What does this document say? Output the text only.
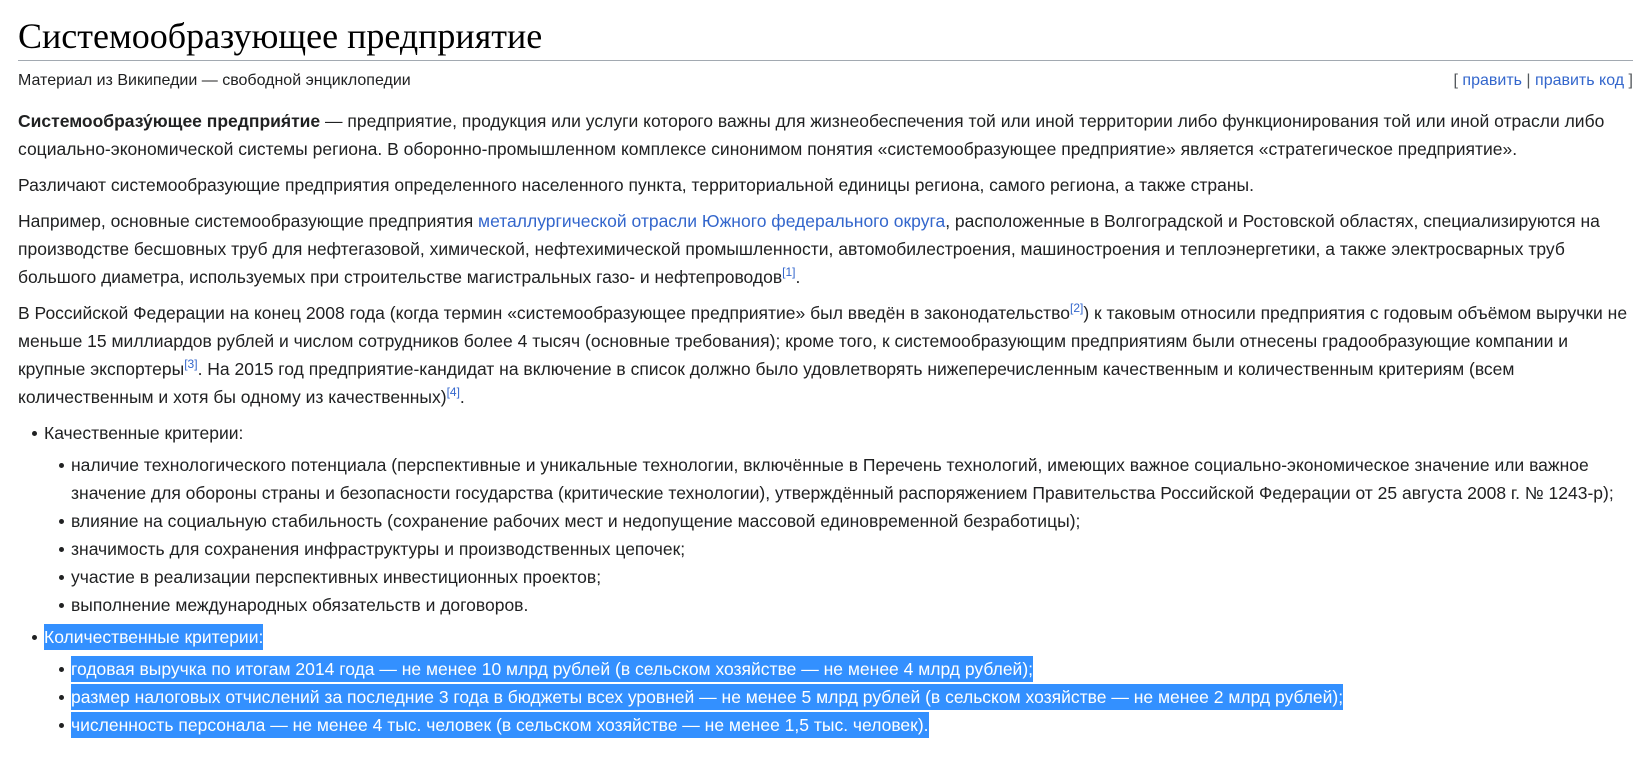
Системообразующее предприятие
Материал из Википедии — свободной энциклопедии	[ править | править код ]

Системообразу́ющее предприя́тие — предприятие, продукция или услуги которого важны для жизнеобеспечения той или иной территории либо функционирования той или иной отрасли либо социально-экономической системы региона. В оборонно-промышленном комплексе синонимом понятия «системообразующее предприятие» является «стратегическое предприятие».

Различают системообразующие предприятия определенного населенного пункта, территориальной единицы региона, самого региона, а также страны.

Например, основные системообразующие предприятия металлургической отрасли Южного федерального округа, расположенные в Волгоградской и Ростовской областях, специализируются на производстве бесшовных труб для нефтегазовой, химической, нефтехимической промышленности, автомобилестроения, машиностроения и теплоэнергетики, а также электросварных труб большого диаметра, используемых при строительстве магистральных газо- и нефтепроводов[1].

В Российской Федерации на конец 2008 года (когда термин «системообразующее предприятие» был введён в законодательство[2]) к таковым относили предприятия с годовым объёмом выручки не меньше 15 миллиардов рублей и числом сотрудников более 4 тысяч (основные требования); кроме того, к системообразующим предприятиям были отнесены градообразующие компании и крупные экспортеры[3]. На 2015 год предприятие-кандидат на включение в список должно было удовлетворять нижеперечисленным качественным и количественным критериям (всем количественным и хотя бы одному из качественных)[4].

Качественные критерии:
наличие технологического потенциала (перспективные и уникальные технологии, включённые в Перечень технологий, имеющих важное социально-экономическое значение или важное значение для обороны страны и безопасности государства (критические технологии), утверждённый распоряжением Правительства Российской Федерации от 25 августа 2008 г. № 1243-р);
влияние на социальную стабильность (сохранение рабочих мест и недопущение массовой единовременной безработицы);
значимость для сохранения инфраструктуры и производственных цепочек;
участие в реализации перспективных инвестиционных проектов;
выполнение международных обязательств и договоров.
Количественные критерии:
годовая выручка по итогам 2014 года — не менее 10 млрд рублей (в сельском хозяйстве — не менее 4 млрд рублей);
размер налоговых отчислений за последние 3 года в бюджеты всех уровней — не менее 5 млрд рублей (в сельском хозяйстве — не менее 2 млрд рублей);
численность персонала — не менее 4 тыс. человек (в сельском хозяйстве — не менее 1,5 тыс. человек).
